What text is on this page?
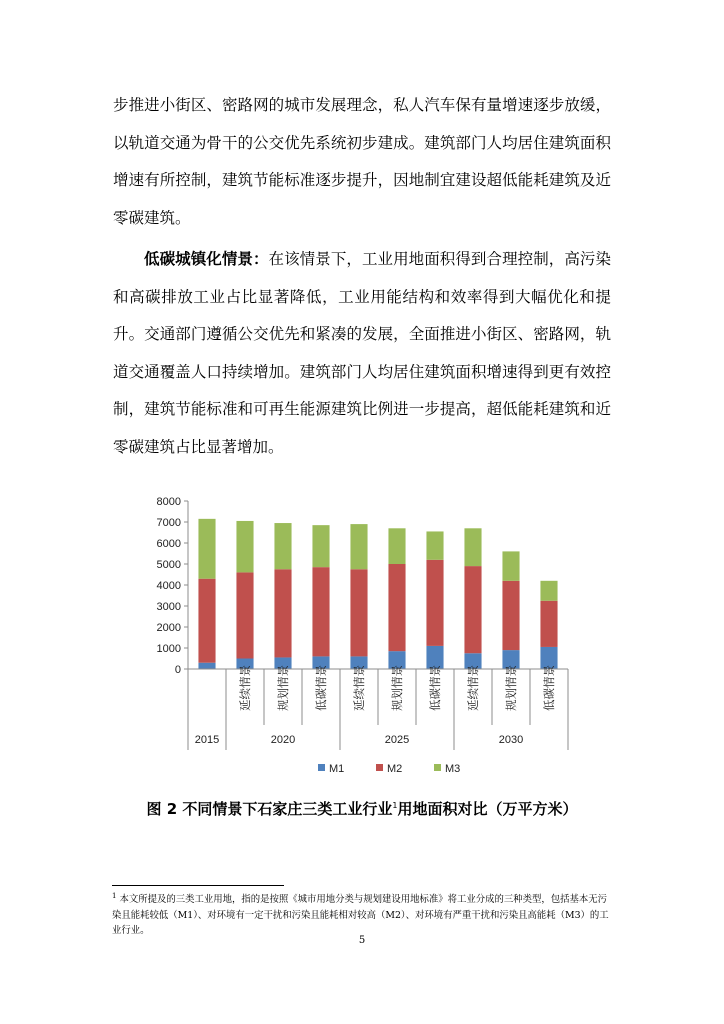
步推进小街区、密路网的城市发展理念，私人汽车保有量增速逐步放缓，以轨道交通为骨干的公交优先系统初步建成。建筑部门人均居住建筑面积增速有所控制，建筑节能标准逐步提升，因地制宜建设超低能耗建筑及近零碳建筑。

低碳城镇化情景：在该情景下，工业用地面积得到合理控制，高污染和高碳排放工业占比显著降低，工业用能结构和效率得到大幅优化和提升。交通部门遵循公交优先和紧凑的发展，全面推进小街区、密路网，轨道交通覆盖人口持续增加。建筑部门人均居住建筑面积增速得到更有效控制，建筑节能标准和可再生能源建筑比例进一步提高，超低能耗建筑和近零碳建筑占比显著增加。

0
1000
2000
3000
4000
5000
6000
7000
8000
延续情景 规划情景 低碳情景 延续情景 规划情景 低碳情景 延续情景 规划情景 低碳情景
2015	2020	2025	2030
M1	M2	M3
图 2 不同情景下石家庄三类工业行业$^1$用地面积对比（万平方米）

$^1$ 本文所提及的三类工业用地，指的是按照《城市用地分类与规划建设用地标准》将工业分成的三种类型，包括基本无污染且能耗较低（M1）、对环境有一定干扰和污染且能耗相对较高（M2）、对环境有严重干扰和污染且高能耗（M3）的工业行业。

5
